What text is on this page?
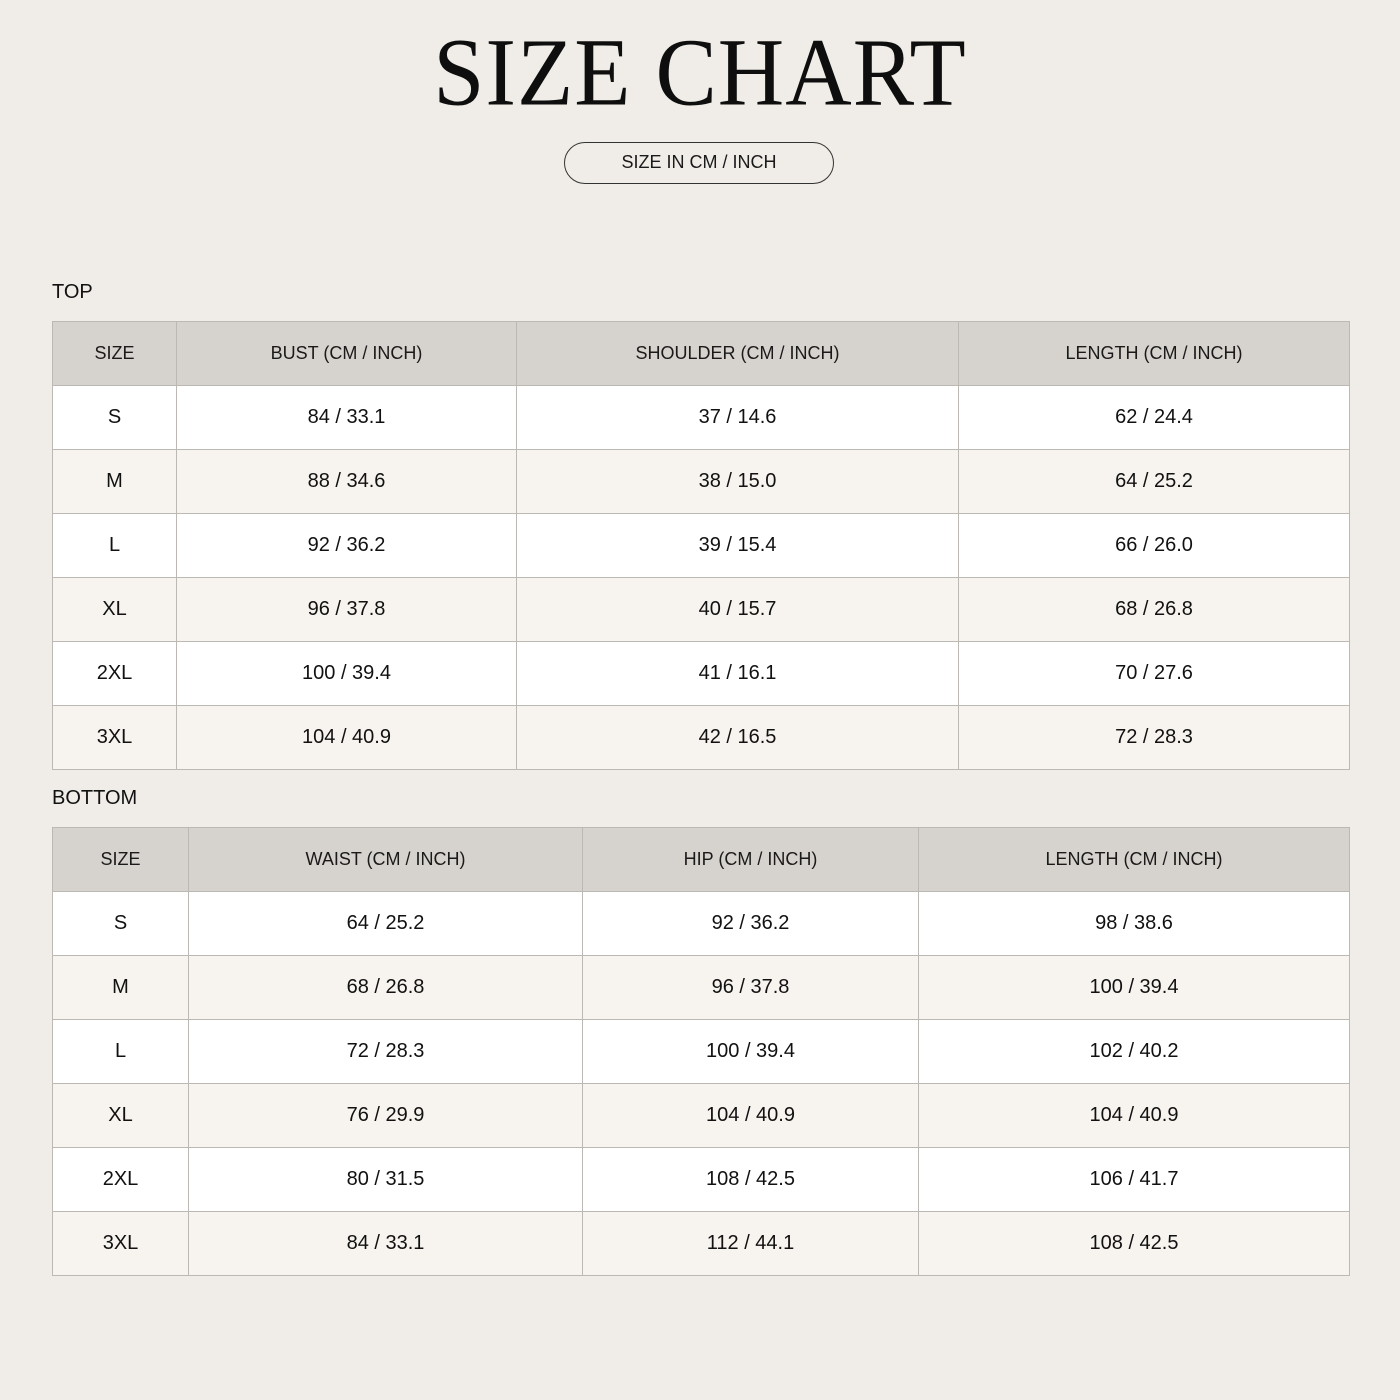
SIZE CHART
SIZE IN CM / INCH
TOP
SIZE	BUST (CM / INCH)	SHOULDER (CM / INCH)	LENGTH (CM / INCH)
S	84 / 33.1	37 / 14.6	62 / 24.4
M	88 / 34.6	38 / 15.0	64 / 25.2
L	92 / 36.2	39 / 15.4	66 / 26.0
XL	96 / 37.8	40 / 15.7	68 / 26.8
2XL	100 / 39.4	41 / 16.1	70 / 27.6
3XL	104 / 40.9	42 / 16.5	72 / 28.3
BOTTOM
SIZE	WAIST (CM / INCH)	HIP (CM / INCH)	LENGTH (CM / INCH)
S	64 / 25.2	92 / 36.2	98 / 38.6
M	68 / 26.8	96 / 37.8	100 / 39.4
L	72 / 28.3	100 / 39.4	102 / 40.2
XL	76 / 29.9	104 / 40.9	104 / 40.9
2XL	80 / 31.5	108 / 42.5	106 / 41.7
3XL	84 / 33.1	112 / 44.1	108 / 42.5
